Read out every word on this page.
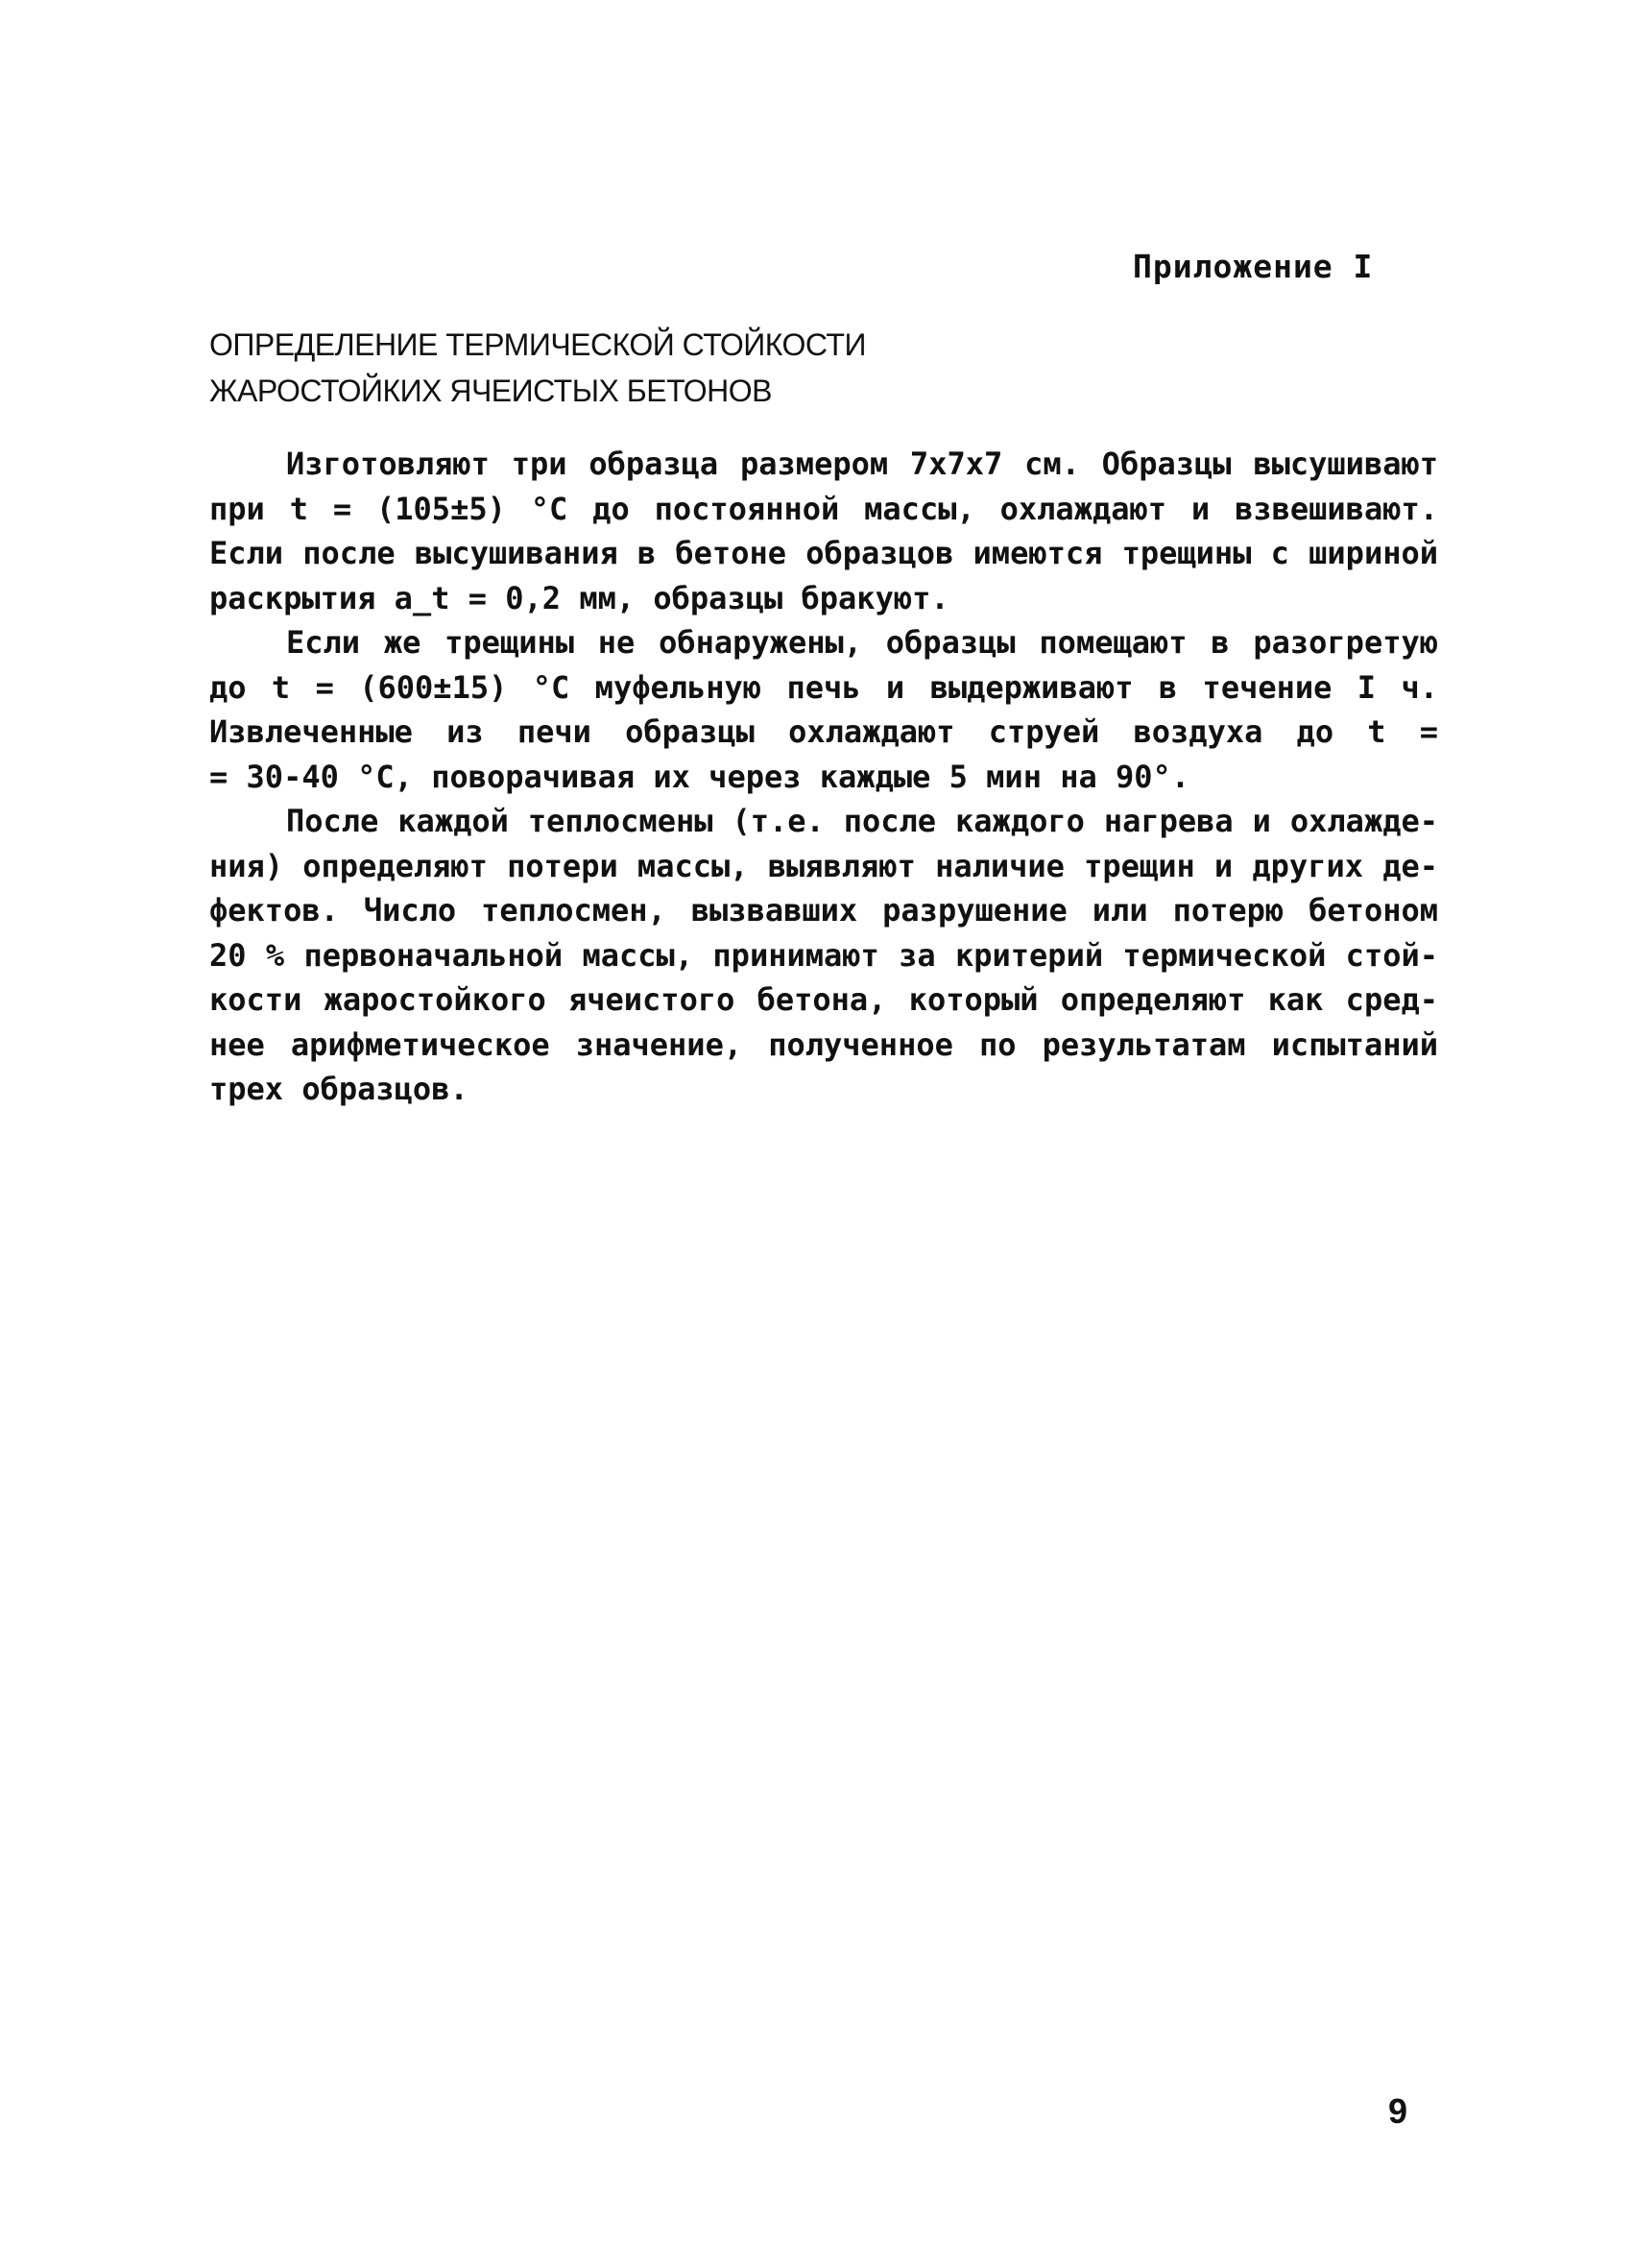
Приложение I
ОПРЕДЕЛЕНИЕ ТЕРМИЧЕСКОЙ СТОЙКОСТИ
ЖАРОСТОЙКИХ ЯЧЕИСТЫХ БЕТОНОВ
Изготовляют три образца размером 7х7х7 см. Образцы высушивают
при t = (105±5) °С до постоянной массы, охлаждают и взвешивают.
Если после высушивания в бетоне образцов имеются трещины с шириной
раскрытия a_t = 0,2 мм, образцы бракуют.
Если же трещины не обнаружены, образцы помещают в разогретую
до t = (600±15) °С муфельную печь и выдерживают в течение I ч.
Извлеченные из печи образцы охлаждают струей воздуха до t =
= 30-40 °С, поворачивая их через каждые 5 мин на 90°.
После каждой теплосмены (т.е. после каждого нагрева и охлажде-
ния) определяют потери массы, выявляют наличие трещин и других де-
фектов. Число теплосмен, вызвавших разрушение или потерю бетоном
20 % первоначальной массы, принимают за критерий термической стой-
кости жаростойкого ячеистого бетона, который определяют как сред-
нее арифметическое значение, полученное по результатам испытаний
трех образцов.
9
